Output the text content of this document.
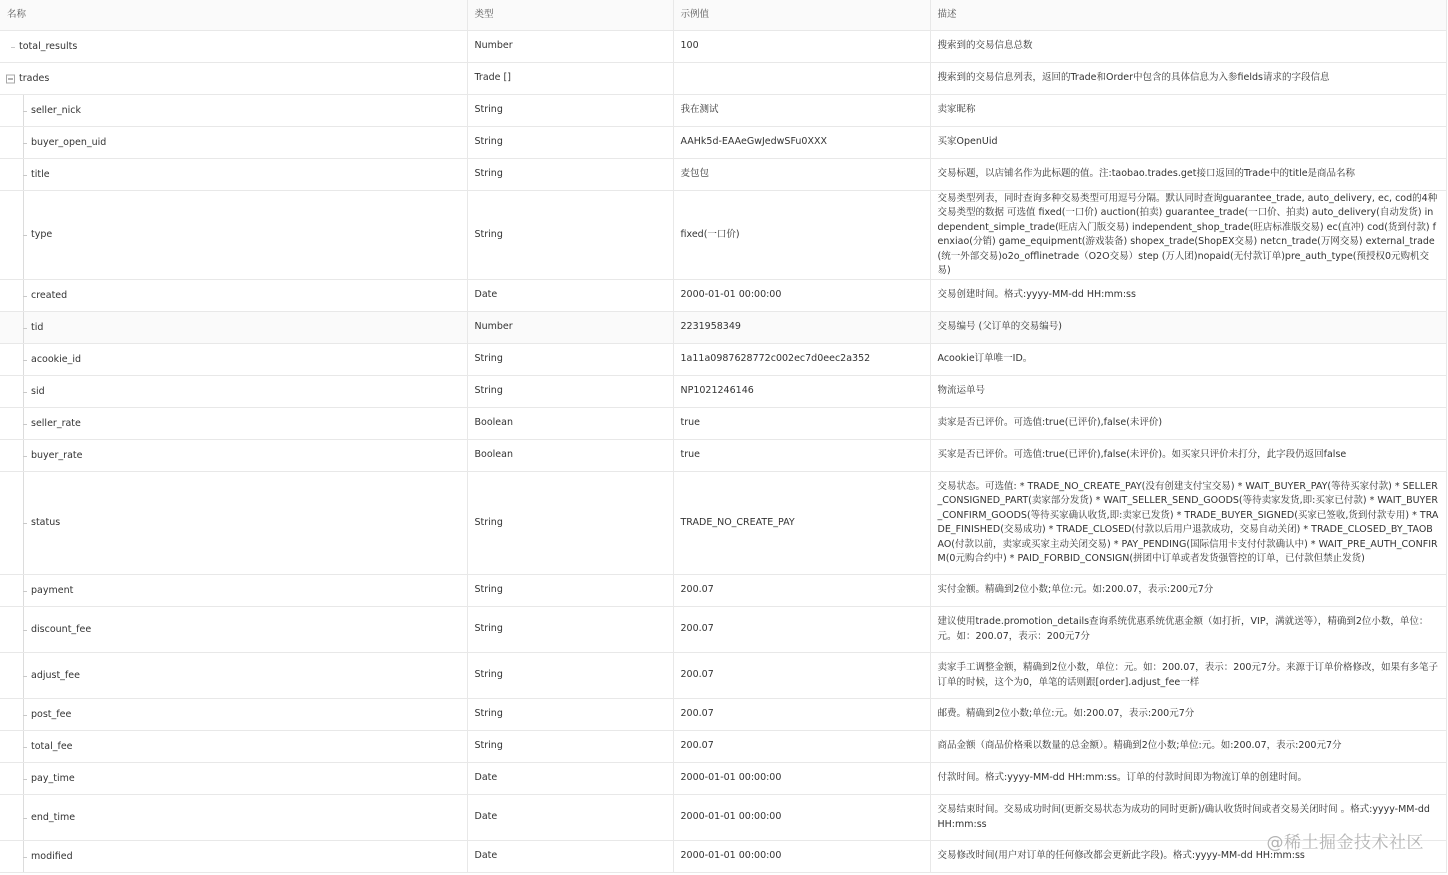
名称	类型	示例值	描述

total_results	Number	100	搜索到的交易信息总数

trades	Trade []		搜索到的交易信息列表，返回的Trade和Order中包含的具体信息为入参fields请求的字段信息

seller_nick	String	我在测试	卖家昵称

buyer_open_uid	String	AAHk5d-EAAeGwJedwSFu0XXX	买家OpenUid

title	String	麦包包	交易标题，以店铺名作为此标题的值。注:taobao.trades.get接口返回的Trade中的title是商品名称

type	String	fixed(一口价)	交易类型列表，同时查询多种交易类型可用逗号分隔。默认同时查询guarantee_trade, auto_delivery, ec, cod的4种交易类型的数据 可选值 fixed(一口价) auction(拍卖) guarantee_trade(一口价、拍卖) auto_delivery(自动发货) independent_simple_trade(旺店入门版交易) independent_shop_trade(旺店标准版交易) ec(直冲) cod(货到付款) fenxiao(分销) game_equipment(游戏装备) shopex_trade(ShopEX交易) netcn_trade(万网交易) external_trade(统一外部交易)o2o_offlinetrade（O2O交易）step (万人团)nopaid(无付款订单)pre_auth_type(预授权0元购机交易)

created	Date	2000-01-01 00:00:00	交易创建时间。格式:yyyy-MM-dd HH:mm:ss

tid	Number	2231958349	交易编号 (父订单的交易编号)

acookie_id	String	1a11a0987628772c002ec7d0eec2a352	Acookie订单唯一ID。

sid	String	NP1021246146	物流运单号

seller_rate	Boolean	true	卖家是否已评价。可选值:true(已评价),false(未评价)

buyer_rate	Boolean	true	买家是否已评价。可选值:true(已评价),false(未评价)。如买家只评价未打分，此字段仍返回false

status	String	TRADE_NO_CREATE_PAY	交易状态。可选值: * TRADE_NO_CREATE_PAY(没有创建支付宝交易) * WAIT_BUYER_PAY(等待买家付款) * SELLER_CONSIGNED_PART(卖家部分发货) * WAIT_SELLER_SEND_GOODS(等待卖家发货,即:买家已付款) * WAIT_BUYER_CONFIRM_GOODS(等待买家确认收货,即:卖家已发货) * TRADE_BUYER_SIGNED(买家已签收,货到付款专用) * TRADE_FINISHED(交易成功) * TRADE_CLOSED(付款以后用户退款成功，交易自动关闭) * TRADE_CLOSED_BY_TAOBAO(付款以前，卖家或买家主动关闭交易) * PAY_PENDING(国际信用卡支付付款确认中) * WAIT_PRE_AUTH_CONFIRM(0元购合约中) * PAID_FORBID_CONSIGN(拼团中订单或者发货强管控的订单，已付款但禁止发货)

payment	String	200.07	实付金额。精确到2位小数;单位:元。如:200.07，表示:200元7分

discount_fee	String	200.07	建议使用trade.promotion_details查询系统优惠系统优惠金额（如打折，VIP，满就送等），精确到2位小数，单位：元。如：200.07，表示：200元7分

adjust_fee	String	200.07	卖家手工调整金额，精确到2位小数，单位：元。如：200.07，表示：200元7分。来源于订单价格修改，如果有多笔子订单的时候，这个为0，单笔的话则跟[order].adjust_fee一样

post_fee	String	200.07	邮费。精确到2位小数;单位:元。如:200.07，表示:200元7分

total_fee	String	200.07	商品金额（商品价格乘以数量的总金额）。精确到2位小数;单位:元。如:200.07，表示:200元7分

pay_time	Date	2000-01-01 00:00:00	付款时间。格式:yyyy-MM-dd HH:mm:ss。订单的付款时间即为物流订单的创建时间。

end_time	Date	2000-01-01 00:00:00	交易结束时间。交易成功时间(更新交易状态为成功的同时更新)/确认收货时间或者交易关闭时间 。格式:yyyy-MM-dd HH:mm:ss

modified	Date	2000-01-01 00:00:00	交易修改时间(用户对订单的任何修改都会更新此字段)。格式:yyyy-MM-dd HH:mm:ss
@稀土掘金技术社区
